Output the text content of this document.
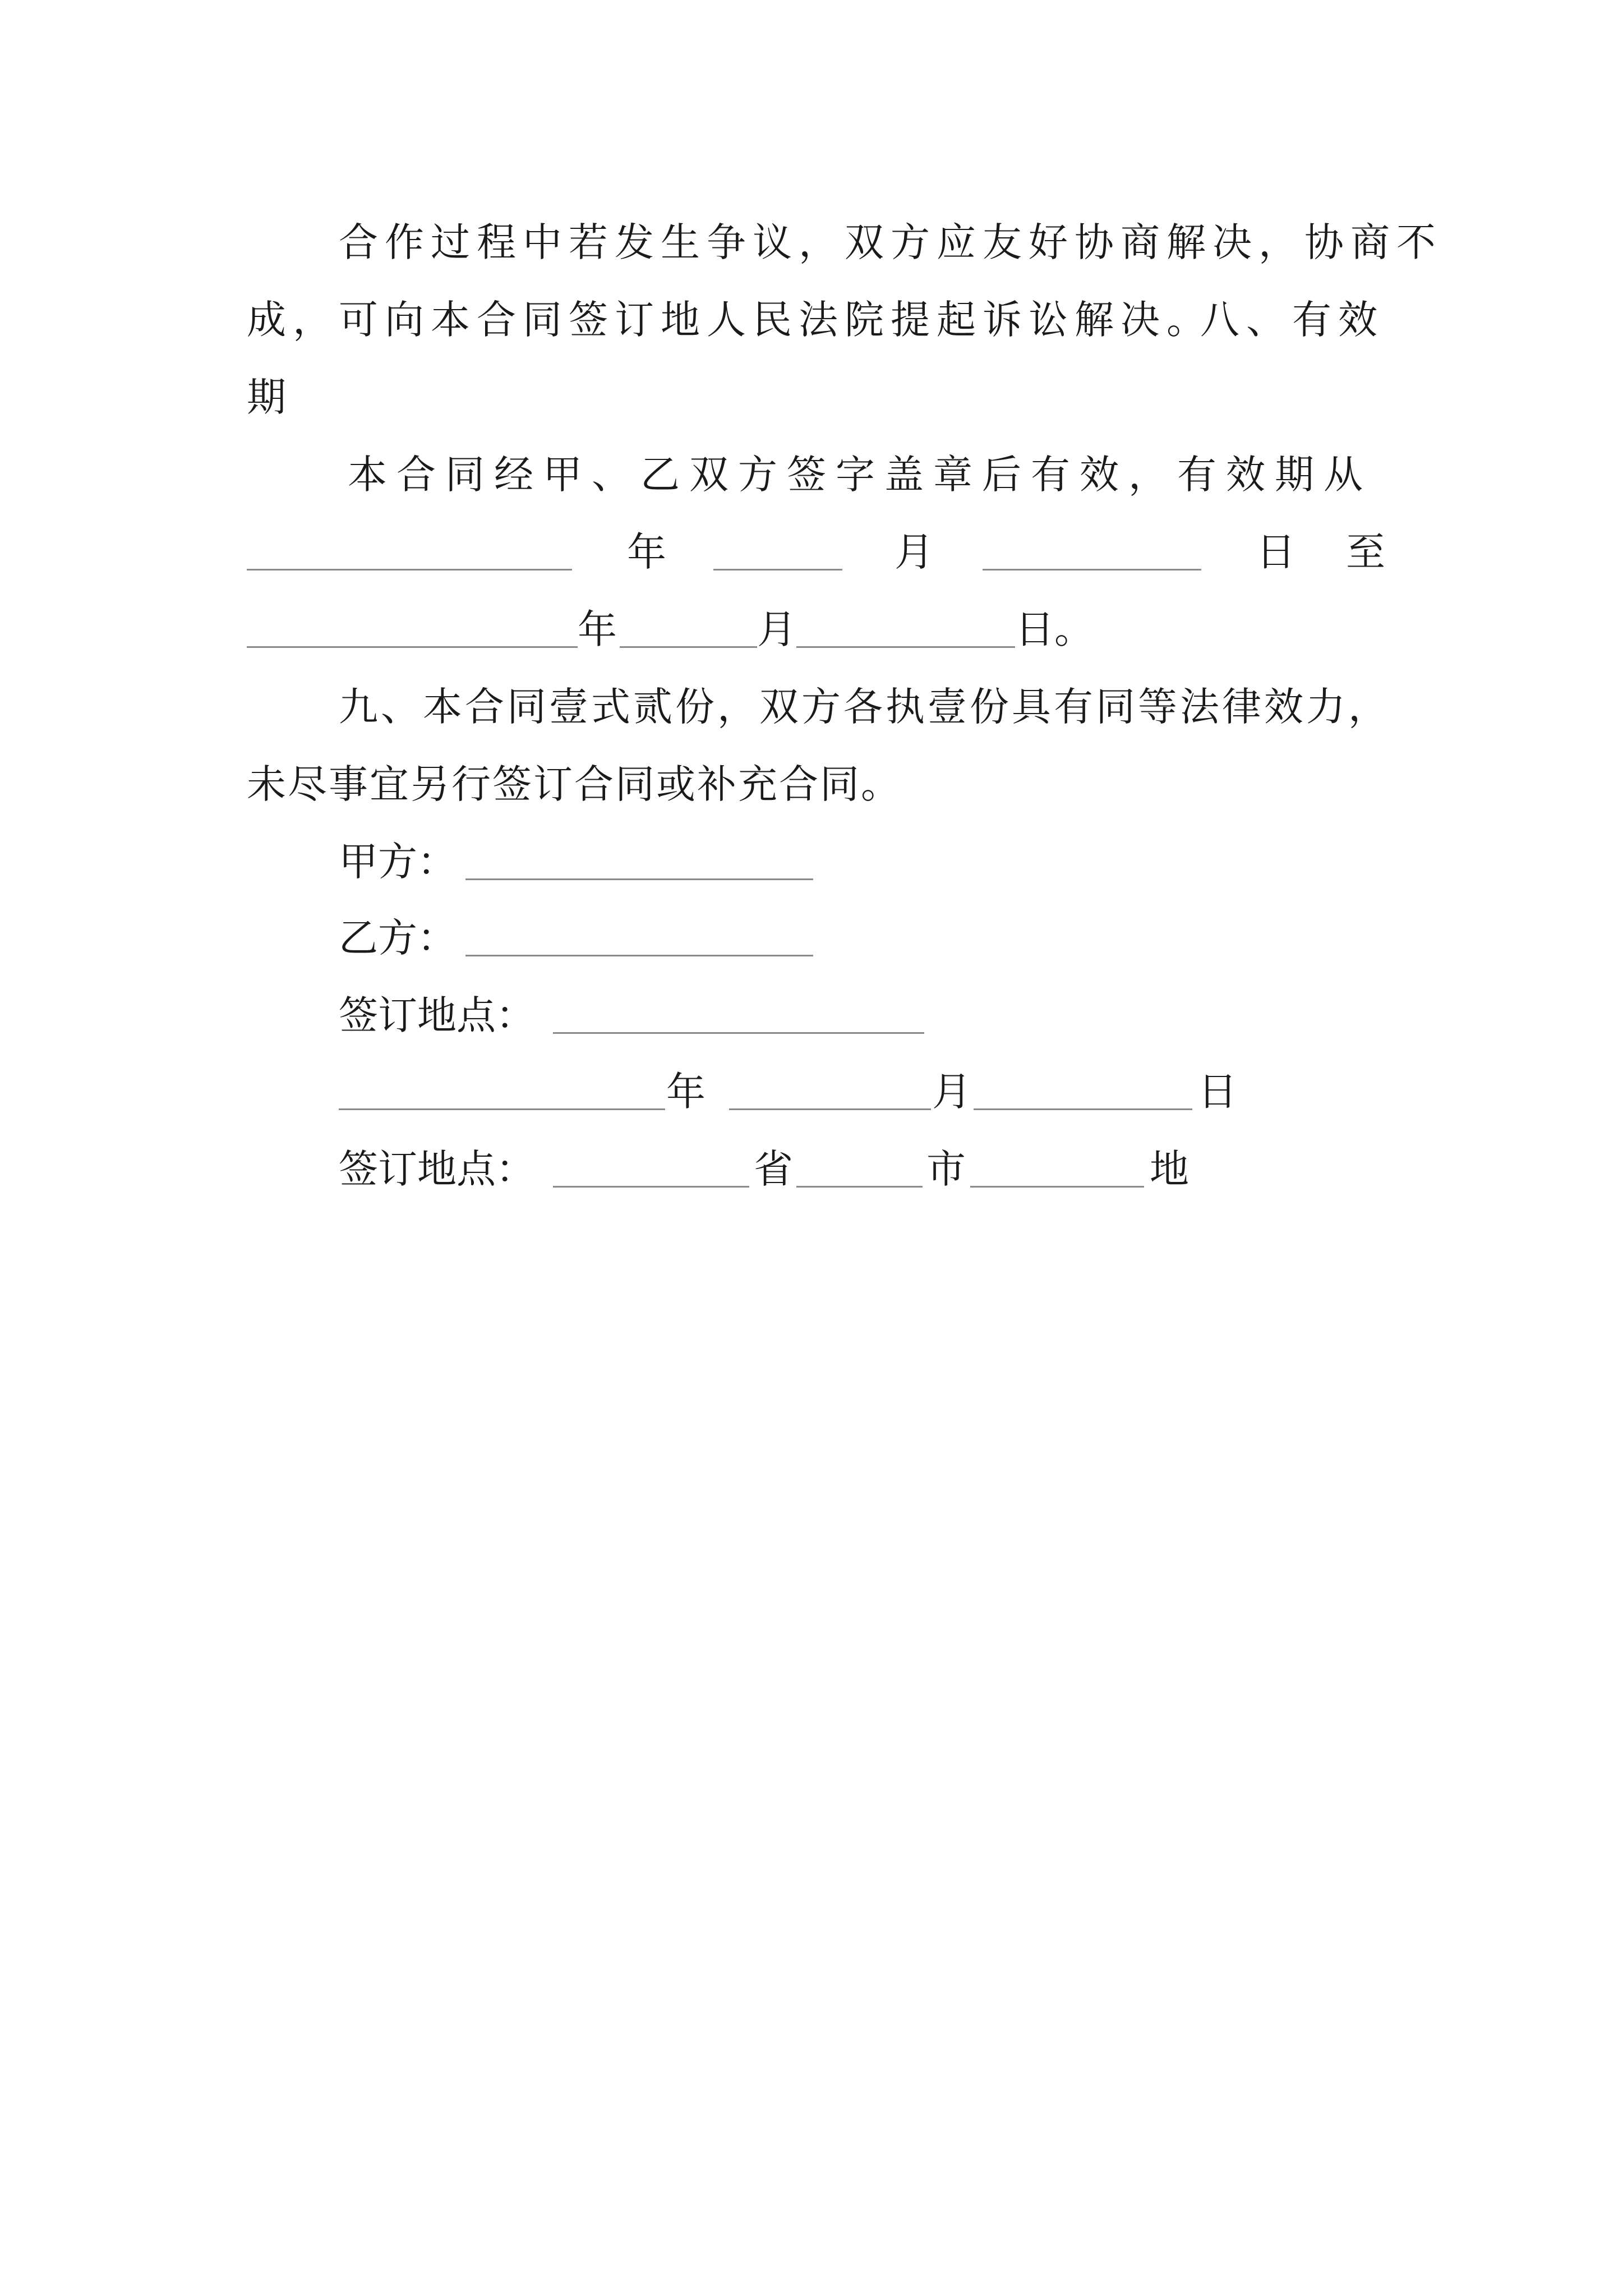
合作过程中若发生争议，双方应友好协商解决，协商不
成，可向本合同签订地人民法院提起诉讼解决。
八、有效
期
本合同经甲、乙双方签字盖章后有效，有效期从
年	月	日 至
年	月	日。
九、本合同壹式贰份，双方各执壹份具有同等法律效力，
未尽事宜另行签订合同或补充合同。
甲方：
乙方：
签订地点：
年	月	日
签订地点：	省	市	地
